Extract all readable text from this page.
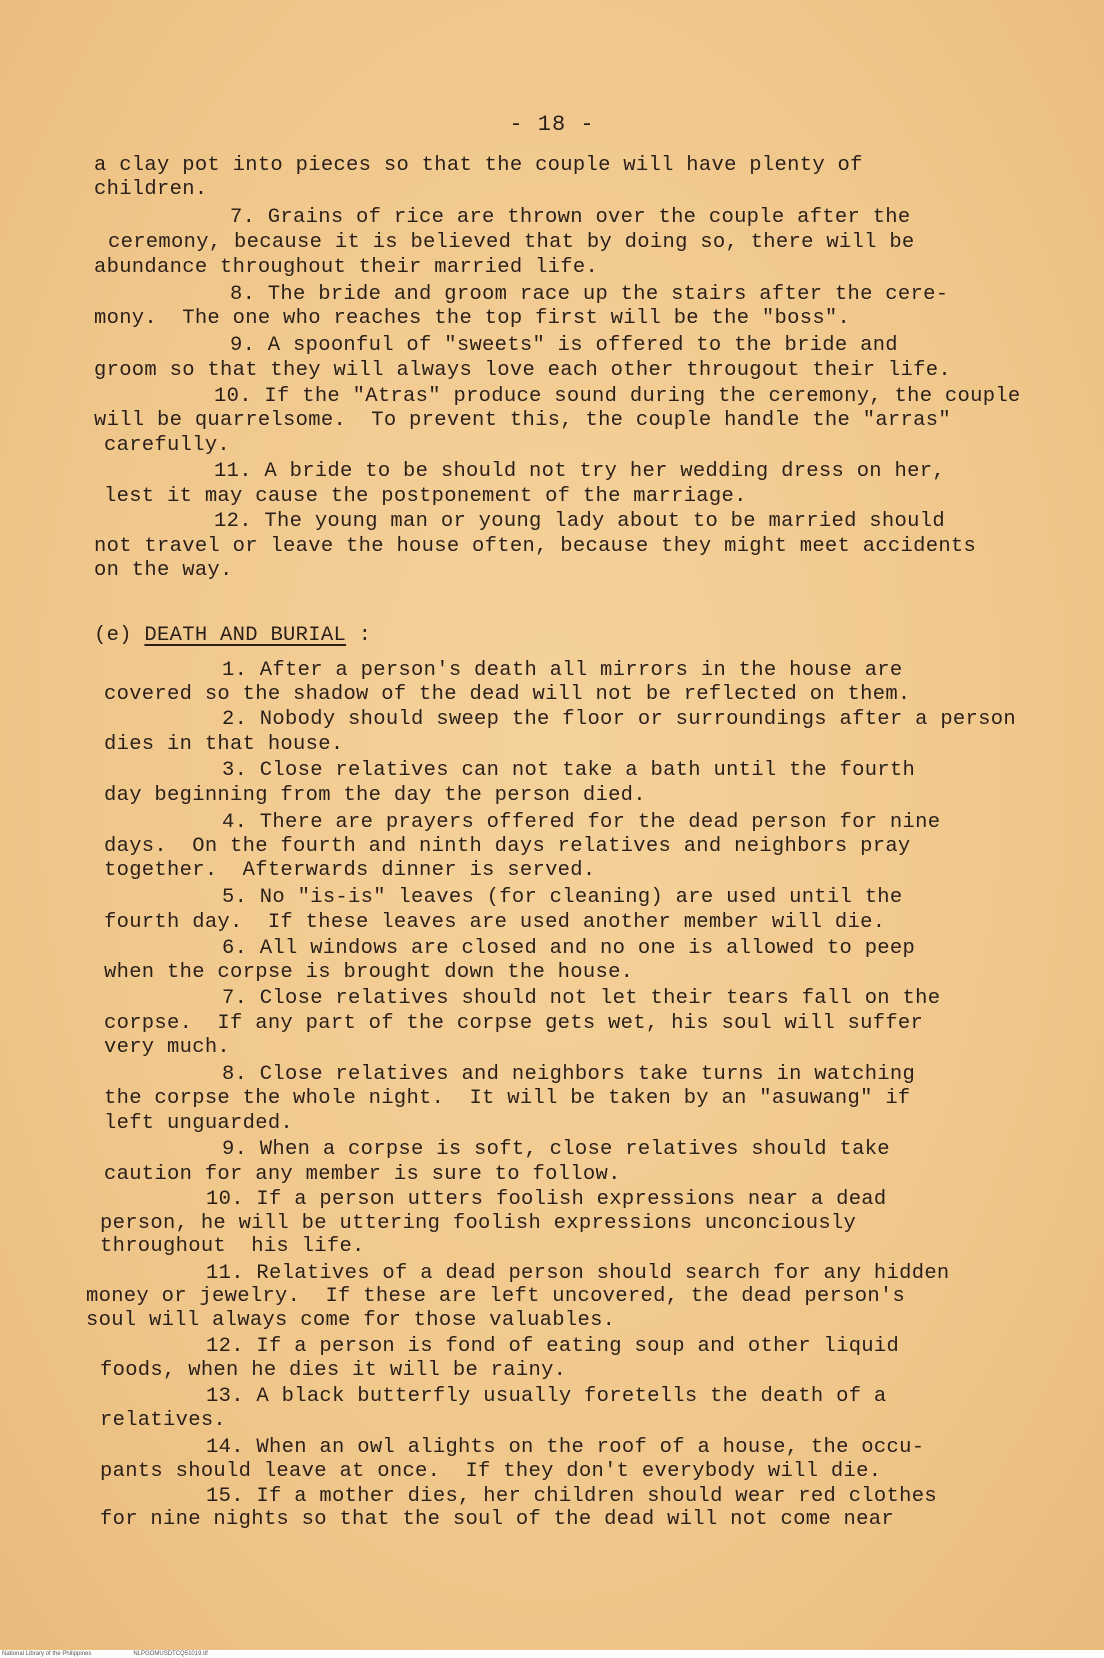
- 18 -
(e) DEATH AND BURIAL :
a clay pot into pieces so that the couple will have plenty of
children.
7. Grains of rice are thrown over the couple after the
ceremony, because it is believed that by doing so, there will be
abundance throughout their married life.
8. The bride and groom race up the stairs after the cere-
mony.  The one who reaches the top first will be the "boss".
9. A spoonful of "sweets" is offered to the bride and
groom so that they will always love each other througout their life.
10. If the "Atras" produce sound during the ceremony, the couple
will be quarrelsome.  To prevent this, the couple handle the "arras"
carefully.
11. A bride to be should not try her wedding dress on her,
lest it may cause the postponement of the marriage.
12. The young man or young lady about to be married should
not travel or leave the house often, because they might meet accidents
on the way.
1. After a person's death all mirrors in the house are
covered so the shadow of the dead will not be reflected on them.
2. Nobody should sweep the floor or surroundings after a person
dies in that house.
3. Close relatives can not take a bath until the fourth
day beginning from the day the person died.
4. There are prayers offered for the dead person for nine
days.  On the fourth and ninth days relatives and neighbors pray
together.  Afterwards dinner is served.
5. No "is-is" leaves (for cleaning) are used until the
fourth day.  If these leaves are used another member will die.
6. All windows are closed and no one is allowed to peep
when the corpse is brought down the house.
7. Close relatives should not let their tears fall on the
corpse.  If any part of the corpse gets wet, his soul will suffer
very much.
8. Close relatives and neighbors take turns in watching
the corpse the whole night.  It will be taken by an "asuwang" if
left unguarded.
9. When a corpse is soft, close relatives should take
caution for any member is sure to follow.
10. If a person utters foolish expressions near a dead
person, he will be uttering foolish expressions unconciously
throughout  his life.
11. Relatives of a dead person should search for any hidden
money or jewelry.  If these are left uncovered, the dead person's
soul will always come for those valuables.
12. If a person is fond of eating soup and other liquid
foods, when he dies it will be rainy.
13. A black butterfly usually foretells the death of a
relatives.
14. When an owl alights on the roof of a house, the occu-
pants should leave at once.  If they don't everybody will die.
15. If a mother dies, her children should wear red clothes
for nine nights so that the soul of the dead will not come near
National Library of the Philippines	NLPGOMUSDTCQ51019.tif
